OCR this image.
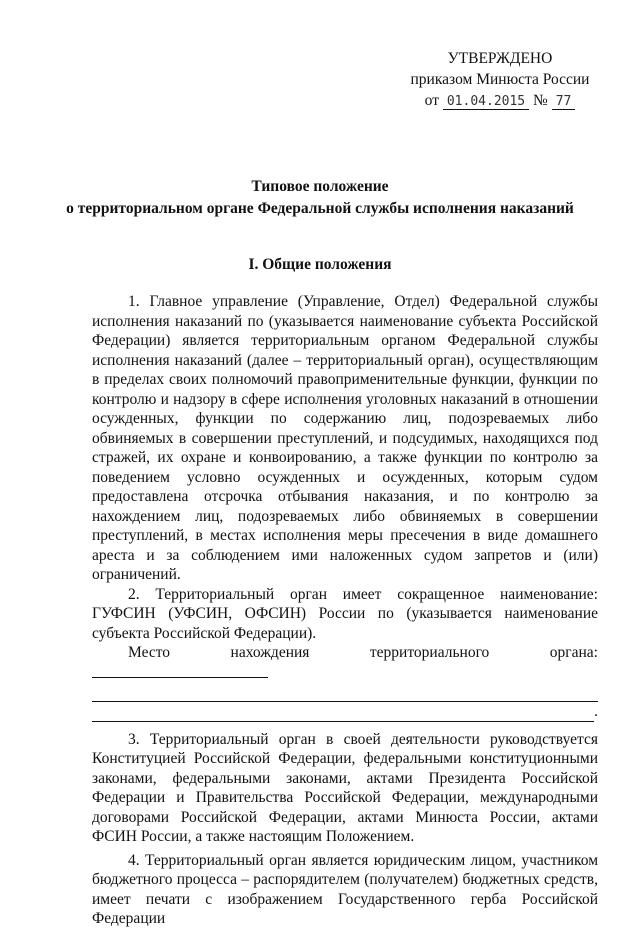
УТВЕРЖДЕНО
приказом Минюста России
от 01.04.2015 № 77
Типовое положение
о территориальном органе Федеральной службы исполнения наказаний
I. Общие положения

1. Главное управление (Управление, Отдел) Федеральной службы исполнения наказаний по (указывается наименование субъекта Российской Федерации) является территориальным органом Федеральной службы исполнения наказаний (далее – территориальный орган), осуществляющим в пределах своих полномочий правоприменительные функции, функции по контролю и надзору в сфере исполнения уголовных наказаний в отношении осужденных, функции по содержанию лиц, подозреваемых либо обвиняемых в совершении преступлений, и подсудимых, находящихся под стражей, их охране и конвоированию, а также функции по контролю за поведением условно осужденных и осужденных, которым судом предоставлена отсрочка отбывания наказания, и по контролю за нахождением лиц, подозреваемых либо обвиняемых в совершении преступлений, в местах исполнения меры пресечения в виде домашнего ареста и за соблюдением ими наложенных судом запретов и (или) ограничений.

2. Территориальный орган имеет сокращенное наименование: ГУФСИН (УФСИН, ОФСИН) России по (указывается наименование субъекта Российской Федерации).

Место нахождения территориального органа:

.

3. Территориальный орган в своей деятельности руководствуется Конституцией Российской Федерации, федеральными конституционными законами, федеральными законами, актами Президента Российской Федерации и Правительства Российской Федерации, международными договорами Российской Федерации, актами Минюста России, актами ФСИН России, а также настоящим Положением.

4. Территориальный орган является юридическим лицом, участником бюджетного процесса – распорядителем (получателем) бюджетных средств, имеет печати с изображением Государственного герба Российской Федерации
